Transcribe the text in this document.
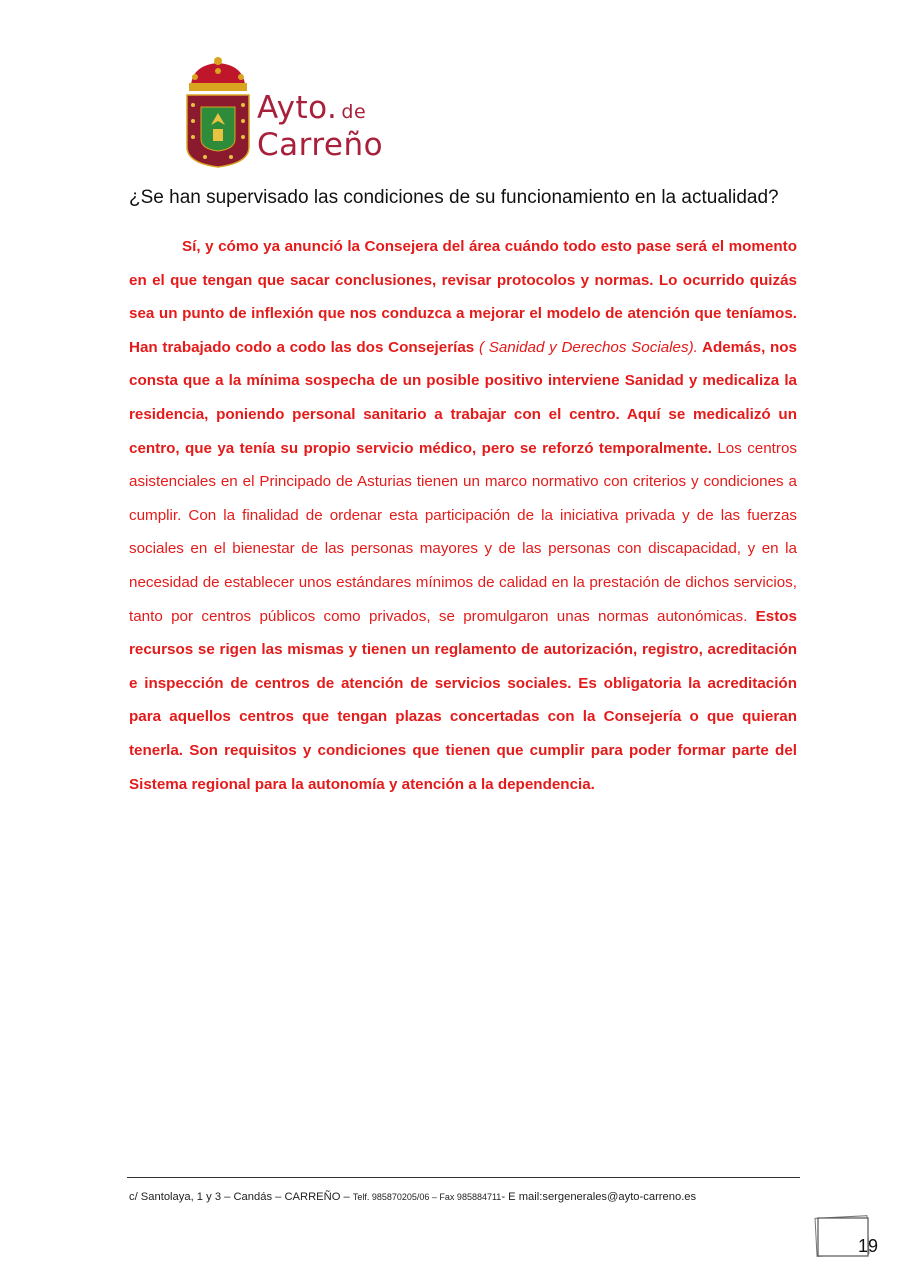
Ayto. de
Carreño
¿Se han supervisado las condiciones de su funcionamiento en la actualidad?

Sí, y cómo ya anunció la Consejera del área cuándo todo esto pase será el momento en el que tengan que sacar conclusiones, revisar protocolos y normas. Lo ocurrido quizás sea un punto de inflexión que nos conduzca a mejorar el modelo de atención que teníamos. Han trabajado codo a codo las dos Consejerías ( Sanidad y Derechos Sociales). Además, nos consta que a la mínima sospecha de un posible positivo interviene Sanidad y medicaliza la residencia, poniendo personal sanitario a trabajar con el centro. Aquí se medicalizó un centro, que ya tenía su propio servicio médico, pero se reforzó temporalmente. Los centros asistenciales en el Principado de Asturias tienen un marco normativo con criterios y condiciones a cumplir. Con la finalidad de ordenar esta participación de la iniciativa privada y de las fuerzas sociales en el bienestar de las personas mayores y de las personas con discapacidad, y en la necesidad de establecer unos estándares mínimos de calidad en la prestación de dichos servicios, tanto por centros públicos como privados, se promulgaron unas normas autonómicas. Estos recursos se rigen las mismas y tienen un reglamento de autorización, registro, acreditación e inspección de centros de atención de servicios sociales. Es obligatoria la acreditación para aquellos centros que tengan plazas concertadas con la Consejería o que quieran tenerla. Son requisitos y condiciones que tienen que cumplir para poder formar parte del Sistema regional para la autonomía y atención a la dependencia.

c/ Santolaya, 1 y 3 – Candás – CARREÑO – Telf. 985870205/06 – Fax 985884711- E mail:sergenerales@ayto-carreno.es
19
